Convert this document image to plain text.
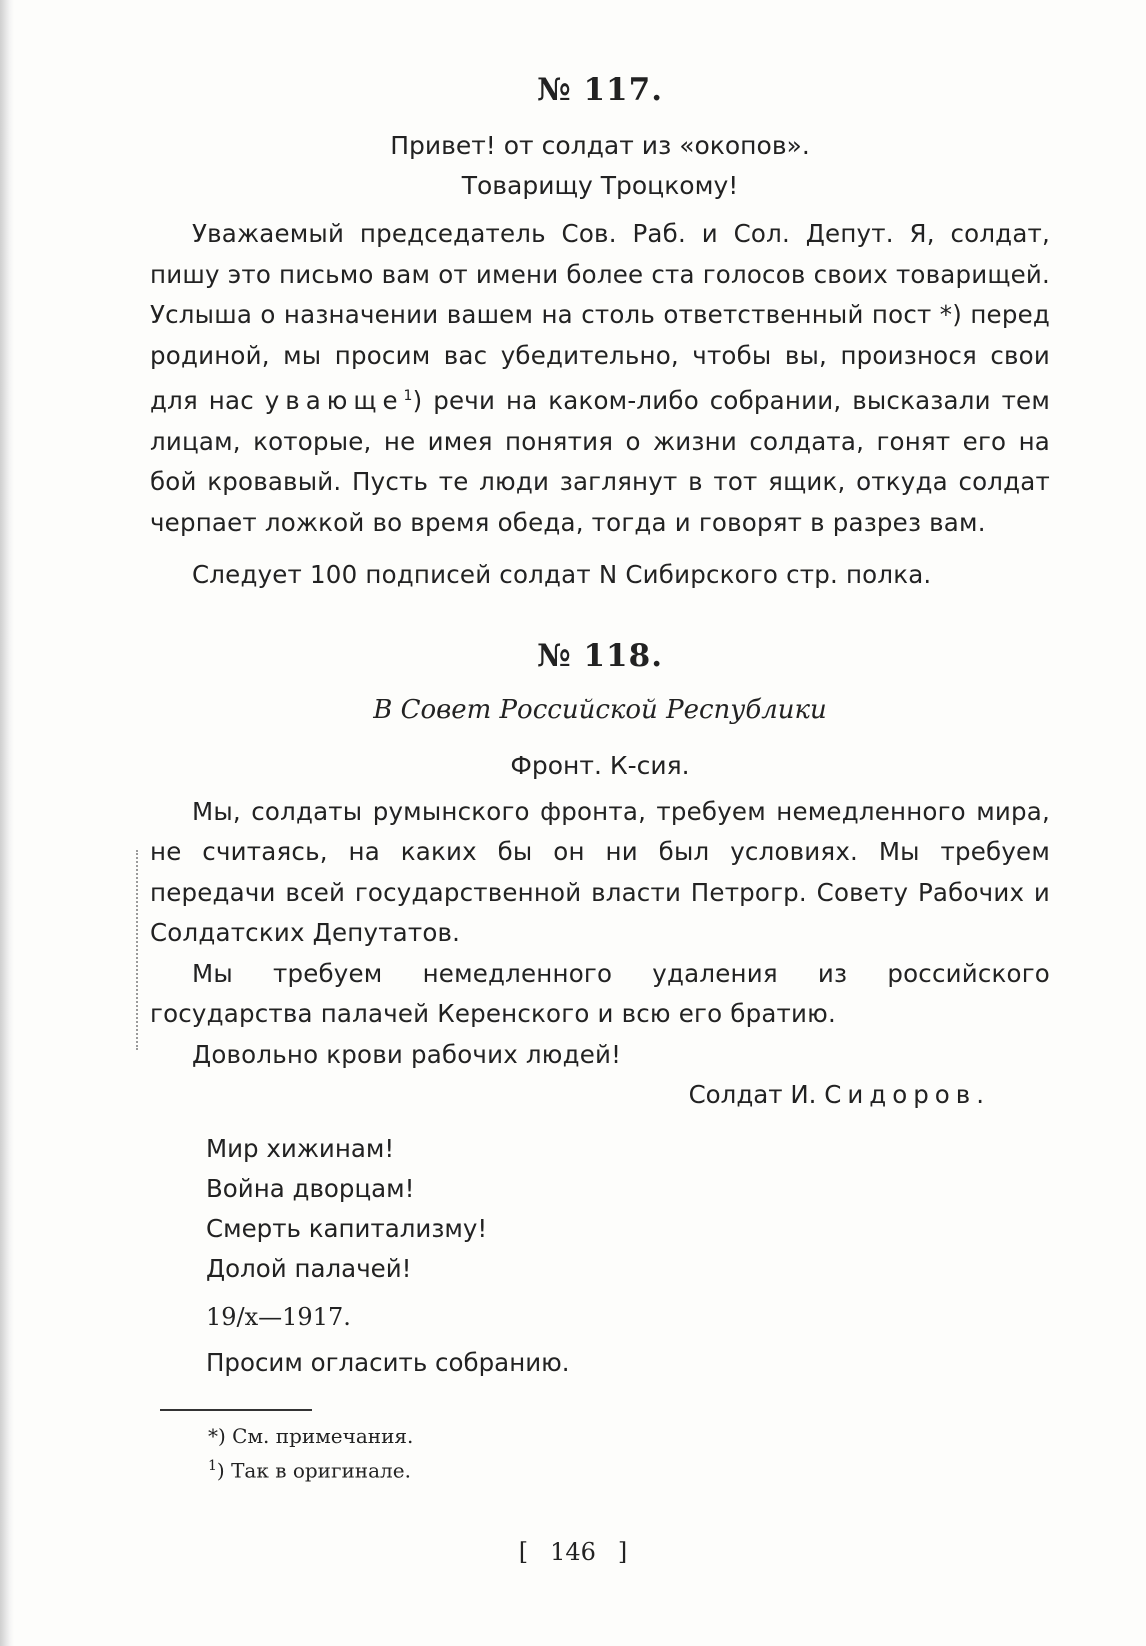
№ 117.

Привет! от солдат из «окопов».

Товарищу Троцкому!

Уважаемый председатель Сов. Раб. и Сол. Депут. Я, солдат, пишу это письмо вам от имени более ста голосов своих товарищей. Услыша о назначении вашем на столь ответственный пост *) перед родиной, мы просим вас убедительно, чтобы вы, произнося свои для нас увающе$^1$) речи на каком-либо собрании, высказали тем лицам, которые, не имея понятия о жизни солдата, гонят его на бой кровавый. Пусть те люди заглянут в тот ящик, откуда солдат черпает ложкой во время обеда, тогда и говорят в разрез вам.

Следует 100 подписей солдат N Сибирского стр. полка.

№ 118.

В Совет Российской Республики

Фронт. К-сия.

Мы, солдаты румынского фронта, требуем немедленного мира, не считаясь, на каких бы он ни был условиях. Мы требуем передачи всей государственной власти Петрогр. Совету Рабочих и Солдатских Депутатов.

Мы требуем немедленного удаления из российского государства палачей Керенского и всю его братию.

Довольно крови рабочих людей!

Солдат И. Сидоров.

Мир хижинам!
Война дворцам!
Смерть капитализму!
Долой палачей!
19/x—1917.
Просим огласить собранию.
*) См. примечания.
$^1$) Так в оригинале.
[ 146 ]
